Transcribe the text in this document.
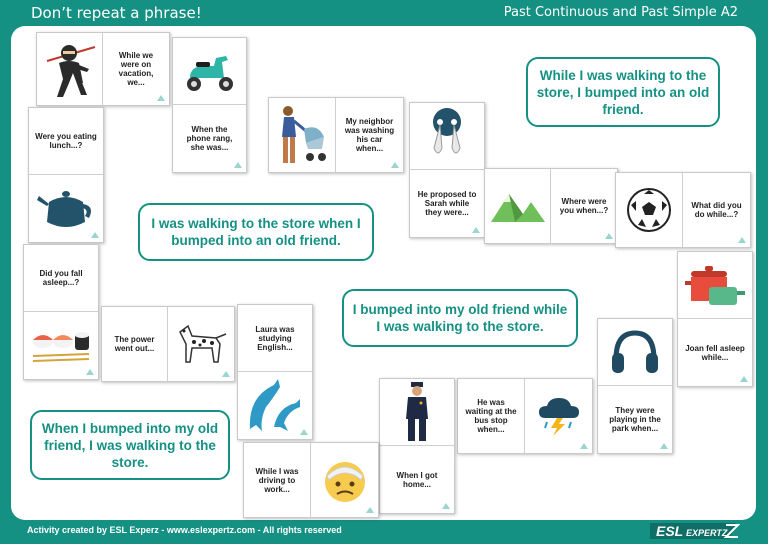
Don’t repeat a phrase!	Past Continuous and Past Simple A2
While we were on vacation, we...
When the phone rang, she was...
My neighbor was washing his car when...
Were you eating lunch...?
He proposed to Sarah while they were...
Where were you when...?
What did you do while...?
Did you fall asleep...?
The power went out...
Laura was studying English...	Joan fell asleep while...
They were playing in the park when...
He was waiting at the bus stop when...
When I got home...
While I was driving to work...
While I was walking to the store, I bumped into an old friend.
I was walking to the store when I bumped into an old friend.
I bumped into my old friend while I was walking to the store.
When I bumped into my old friend, I was walking to the store.
Activity created by ESL Experz - www.eslexpertz.com - All rights reserved	ESL EXPERTZ
